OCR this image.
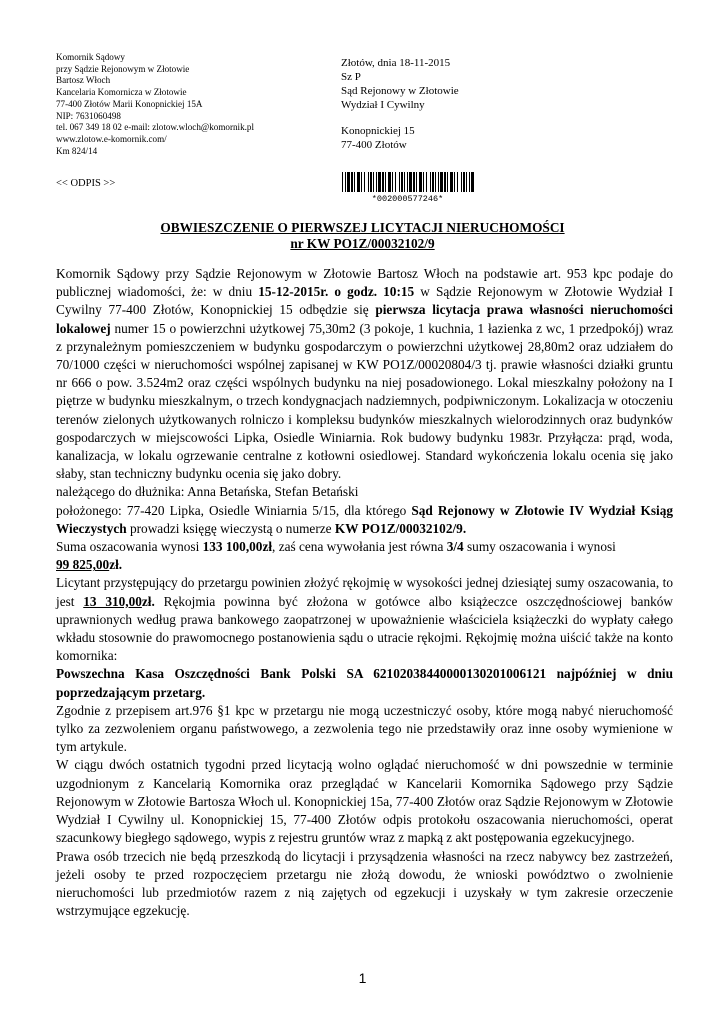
Komornik Sądowy
przy Sądzie Rejonowym w Złotowie
Bartosz Włoch
Kancelaria Komornicza w Złotowie
77-400 Złotów Marii Konopnickiej 15A
NIP: 7631060498
tel. 067 349 18 02 e-mail: zlotow.wloch@komornik.pl
www.zlotow.e-komornik.com/
Km 824/14
<< ODPIS >>
Złotów, dnia 18-11-2015
Sz P
Sąd Rejonowy w Złotowie
Wydział I Cywilny
Konopnickiej 15
77-400 Złotów
*002000577246*
OBWIESZCZENIE O PIERWSZEJ LICYTACJI NIERUCHOMOŚCI
nr KW PO1Z/00032102/9

Komornik Sądowy przy Sądzie Rejonowym w Złotowie Bartosz Włoch na podstawie art. 953 kpc podaje do publicznej wiadomości, że: w dniu 15-12-2015r. o godz. 10:15 w Sądzie Rejonowym w Złotowie Wydział I Cywilny 77-400 Złotów, Konopnickiej 15 odbędzie się pierwsza licytacja prawa własności nieruchomości lokalowej numer 15 o powierzchni użytkowej 75,30m2 (3 pokoje, 1 kuchnia, 1 łazienka z wc, 1 przedpokój) wraz z przynależnym pomieszczeniem w budynku gospodarczym o powierzchni użytkowej 28,80m2 oraz udziałem do 70/1000 części w nieruchomości wspólnej zapisanej w KW PO1Z/00020804/3 tj. prawie własności działki gruntu nr 666 o pow. 3.524m2 oraz części wspólnych budynku na niej posadowionego. Lokal mieszkalny położony na I piętrze w budynku mieszkalnym, o trzech kondygnacjach nadziemnych, podpiwniczonym. Lokalizacja w otoczeniu terenów zielonych użytkowanych rolniczo i kompleksu budynków mieszkalnych wielorodzinnych oraz budynków gospodarczych w miejscowości Lipka, Osiedle Winiarnia. Rok budowy budynku 1983r. Przyłącza: prąd, woda, kanalizacja, w lokalu ogrzewanie centralne z kotłowni osiedlowej. Standard wykończenia lokalu ocenia się jako słaby, stan techniczny budynku ocenia się jako dobry.

należącego do dłużnika: Anna Betańska, Stefan Betański

położonego: 77-420 Lipka, Osiedle Winiarnia 5/15, dla którego Sąd Rejonowy w Złotowie IV Wydział Ksiąg Wieczystych prowadzi księgę wieczystą o numerze KW PO1Z/00032102/9.

Suma oszacowania wynosi 133 100,00zł, zaś cena wywołania jest równa 3/4 sumy oszacowania i wynosi
99 825,00zł.

Licytant przystępujący do przetargu powinien złożyć rękojmię w wysokości jednej dziesiątej sumy oszacowania, to jest 13 310,00zł. Rękojmia powinna być złożona w gotówce albo książeczce oszczędnościowej banków uprawnionych według prawa bankowego zaopatrzonej w upoważnienie właściciela książeczki do wypłaty całego wkładu stosownie do prawomocnego postanowienia sądu o utracie rękojmi. Rękojmię można uiścić także na konto komornika:

Powszechna Kasa Oszczędności Bank Polski SA 62102038440000130201006121 najpóźniej w dniu poprzedzającym przetarg.

Zgodnie z przepisem art.976 §1 kpc w przetargu nie mogą uczestniczyć osoby, które mogą nabyć nieruchomość tylko za zezwoleniem organu państwowego, a zezwolenia tego nie przedstawiły oraz inne osoby wymienione w tym artykule.

W ciągu dwóch ostatnich tygodni przed licytacją wolno oglądać nieruchomość w dni powszednie w terminie uzgodnionym z Kancelarią Komornika oraz przeglądać w Kancelarii Komornika Sądowego przy Sądzie Rejonowym w Złotowie Bartosza Włoch ul. Konopnickiej 15a, 77-400 Złotów oraz Sądzie Rejonowym w Złotowie Wydział I Cywilny ul. Konopnickiej 15, 77-400 Złotów odpis protokołu oszacowania nieruchomości, operat szacunkowy biegłego sądowego, wypis z rejestru gruntów wraz z mapką z akt postępowania egzekucyjnego.

Prawa osób trzecich nie będą przeszkodą do licytacji i przysądzenia własności na rzecz nabywcy bez zastrzeżeń, jeżeli osoby te przed rozpoczęciem przetargu nie złożą dowodu, że wnioski powództwo o zwolnienie nieruchomości lub przedmiotów razem z nią zajętych od egzekucji i uzyskały w tym zakresie orzeczenie wstrzymujące egzekucję.

1
